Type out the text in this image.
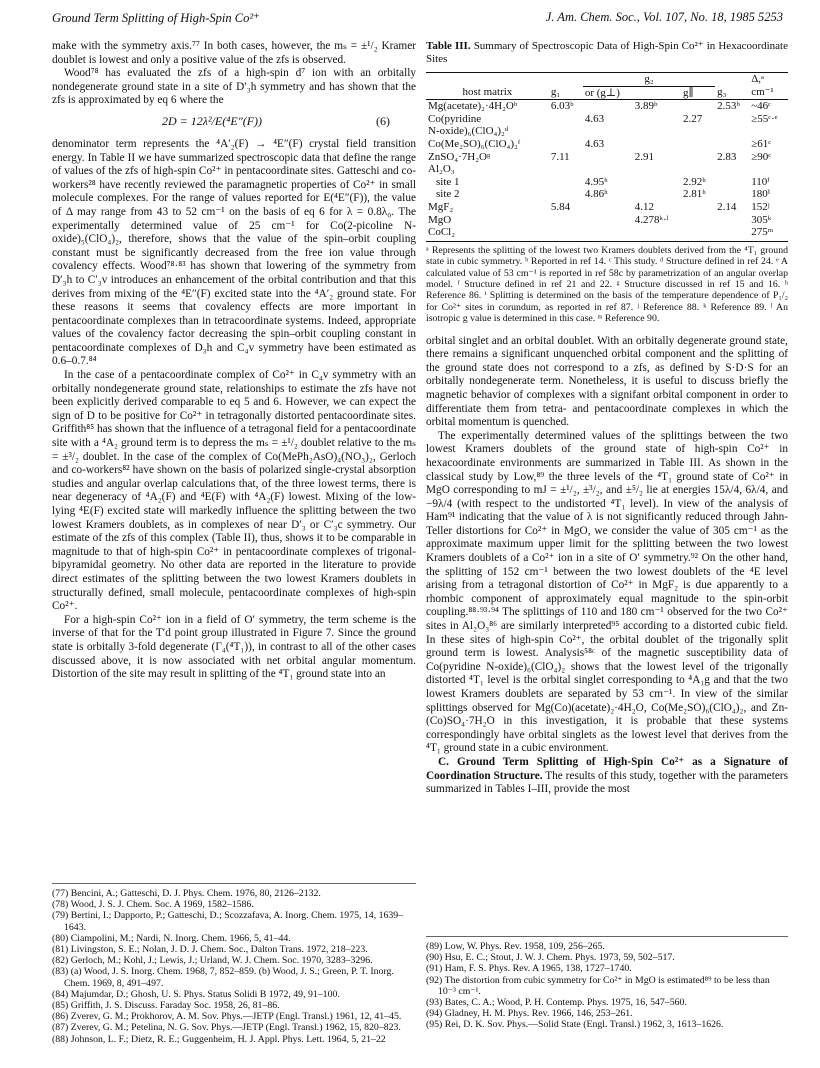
Ground Term Splitting of High-Spin Co²⁺	J. Am. Chem. Soc., Vol. 107, No. 18, 1985 5253

make with the symmetry axis.⁷⁷ In both cases, however, the mₛ = ±¹/₂ Kramer doublet is lowest and only a positive value of the zfs is observed.

Wood⁷⁸ has evaluated the zfs of a high-spin d⁷ ion with an orbitally nondegenerate ground state in a site of D′₃h symmetry and has shown that the zfs is approximated by eq 6 where the

2D = 12λ²/E(⁴E″(F))	(6)

denominator term represents the ⁴A′₂(F) → ⁴E″(F) crystal field transition energy. In Table II we have summarized spectroscopic data that define the range of values of the zfs of high-spin Co²⁺ in pentacoordinate sites. Gatteschi and co-workers²⁸ have recently reviewed the paramagnetic properties of Co²⁺ in small molecule complexes. For the range of values reported for E(⁴E″(F)), the value of Δ may range from 43 to 52 cm⁻¹ on the basis of eq 6 for λ = 0.8λ₀. The experimentally determined value of 25 cm⁻¹ for Co(2-picoline N-oxide)₅(ClO₄)₂, therefore, shows that the value of the spin–orbit coupling constant must be significantly decreased from the free ion value through covalency effects. Wood⁷⁸·⁸³ has shown that lowering of the symmetry from D′₃h to C′₃v introduces an enhancement of the orbital contribution and that this derives from mixing of the ⁴E″(F) excited state into the ⁴A′₂ ground state. For these reasons it seems that covalency effects are more important in pentacoordinate complexes than in tetracoordinate systems. Indeed, appropriate values of the covalency factor decreasing the spin–orbit coupling constant in pentacoordinate complexes of D₃h and C₄v symmetry have been estimated as 0.6–0.7.⁸⁴

In the case of a pentacoordinate complex of Co²⁺ in C₄v symmetry with an orbitally nondegenerate ground state, relationships to estimate the zfs have not been explicitly derived comparable to eq 5 and 6. However, we can expect the sign of D to be positive for Co²⁺ in tetragonally distorted pentacoordinate sites. Griffith⁸⁵ has shown that the influence of a tetragonal field for a pentacoordinate site with a ⁴A₂ ground term is to depress the mₛ = ±¹/₂ doublet relative to the mₛ = ±³/₂ doublet. In the case of the complex of Co(MePh₂AsO)₄(NO₃)₂, Gerloch and co-workers⁸² have shown on the basis of polarized single-crystal absorption studies and angular overlap calculations that, of the three lowest terms, there is near degeneracy of ⁴A₂(F) and ⁴E(F) with ⁴A₂(F) lowest. Mixing of the low-lying ⁴E(F) excited state will markedly influence the splitting between the two lowest Kramers doublets, as in complexes of near D′₃ or C′₃c symmetry. Our estimate of the zfs of this complex (Table II), thus, shows it to be comparable in magnitude to that of high-spin Co²⁺ in pentacoordinate complexes of trigonal-bipyramidal geometry. No other data are reported in the literature to provide direct estimates of the splitting between the two lowest Kramers doublets in structurally defined, small molecule, pentacoordinate complexes of high-spin Co²⁺.

For a high-spin Co²⁺ ion in a field of O′ symmetry, the term scheme is the inverse of that for the T′d point group illustrated in Figure 7. Since the ground state is orbitally 3-fold degenerate (Γ₄(⁴T₁)), in contrast to all of the other cases discussed above, it is now associated with net orbital angular momentum. Distortion of the site may result in splitting of the ⁴T₁ ground state into an

(77) Bencini, A.; Gatteschi, D. J. Phys. Chem. 1976, 80, 2126–2132.
(78) Wood, J. S. J. Chem. Soc. A 1969, 1582–1586.
(79) Bertini, I.; Dapporto, P.; Gatteschi, D.; Scozzafava, A. Inorg. Chem. 1975, 14, 1639–1643.
(80) Ciampolini, M.; Nardi, N. Inorg. Chem. 1966, 5, 41–44.
(81) Livingston, S. E.; Nolan, J. D. J. Chem. Soc., Dalton Trans. 1972, 218–223.
(82) Gerloch, M.; Kohl, J.; Lewis, J.; Urland, W. J. Chem. Soc. 1970, 3283–3296.
(83) (a) Wood, J. S. Inorg. Chem. 1968, 7, 852–859. (b) Wood, J. S.; Green, P. T. Inorg. Chem. 1969, 8, 491–497.
(84) Majumdar, D.; Ghosh, U. S. Phys. Status Solidi B 1972, 49, 91–100.
(85) Griffith, J. S. Discuss. Faraday Soc. 1958, 26, 81–86.
(86) Zverev, G. M.; Prokhorov, A. M. Sov. Phys.—JETP (Engl. Transl.) 1961, 12, 41–45.
(87) Zverev, G. M.; Petelina, N. G. Sov. Phys.—JETP (Engl. Transl.) 1962, 15, 820–823.
(88) Johnson, L. F.; Dietz, R. E.; Guggenheim, H. J. Appl. Phys. Lett. 1964, 5, 21–22
Table III. Summary of Spectroscopic Data of High-Spin Co²⁺ in Hexacoordinate Sites
		g₂				Δ,ᵃ
host matrix	g₁	or (g⊥)		g∥	g₃	cm⁻¹
Mg(acetate)₂·4H₂Oᵇ	6.03ᵇ		3.89ᵇ		2.53ᵇ	~46ᶜ
Co(pyridine		4.63		2.27		≥55ᶜ·ᵉ
N-oxide)₆(ClO₄)₂ᵈ						
Co(Me₂SO)₆(ClO₄)₂ᶠ		4.63				≥61ᶜ
ZnSO₄·7H₂Oᵍ	7.11		2.91		2.83	≥90ᶜ
Al₂O₃						
site 1		4.95ʰ		2.92ʰ		110ⁱ
site 2		4.86ʰ		2.81ʰ		180ⁱ
MgF₂	5.84		4.12		2.14	152ʲ
MgO			4.278ᵏ·ˡ			305ᵏ
CoCl₂						275ᵐ
ᵃ Represents the splitting of the lowest two Kramers doublets derived from the ⁴T₁ ground state in cubic symmetry. ᵇ Reported in ref 14. ᶜ This study. ᵈ Structure defined in ref 24. ᵉ A calculated value of 53 cm⁻¹ is reported in ref 58c by parametrization of an angular overlap model. ᶠ Structure defined in ref 21 and 22. ᵍ Structure discussed in ref 15 and 16. ʰ Reference 86. ⁱ Splitting is determined on the basis of the temperature dependence of P₁/₂ for Co²⁺ sites in corundum, as reported in ref 87. ʲ Reference 88. ᵏ Reference 89. ˡ An isotropic g value is determined in this case. ᵐ Reference 90.

orbital singlet and an orbital doublet. With an orbitally degenerate ground state, there remains a significant unquenched orbital component and the splitting of the ground state does not correspond to a zfs, as defined by S·D·S for an orbitally nondegenerate term. Nonetheless, it is useful to discuss briefly the magnetic behavior of complexes with a signifant orbital component in order to differentiate them from tetra- and pentacoordinate complexes in which the orbital momentum is quenched.

The experimentally determined values of the splittings between the two lowest Kramers doublets of the ground state of high-spin Co²⁺ in hexacoordinate environments are summarized in Table III. As shown in the classical study by Low,⁸⁹ the three levels of the ⁴T₁ ground state of Co²⁺ in MgO corresponding to mJ = ±¹/₂, ±³/₂, and ±⁵/₂ lie at energies 15λ/4, 6λ/4, and −9λ/4 (with respect to the undistorted ⁴T₁ level). In view of the analysis of Ham⁹¹ indicating that the value of λ is not significantly reduced through Jahn-Teller distortions for Co²⁺ in MgO, we consider the value of 305 cm⁻¹ as the approximate maximum upper limit for the splitting between the two lowest Kramers doublets of a Co²⁺ ion in a site of O′ symmetry.⁹² On the other hand, the splitting of 152 cm⁻¹ between the two lowest doublets of the ⁴E level arising from a tetragonal distortion of Co²⁺ in MgF₂ is due apparently to a rhombic component of approximately equal magnitude to the spin-orbit coupling.⁸⁸·⁹³·⁹⁴ The splittings of 110 and 180 cm⁻¹ observed for the two Co²⁺ sites in Al₂O₃⁸⁶ are similarly interpreted⁹⁵ according to a distorted cubic field. In these sites of high-spin Co²⁺, the orbital doublet of the trigonally split ground term is lowest. Analysis⁵⁸ᶜ of the magnetic susceptibility data of Co(pyridine N-oxide)₆(ClO₄)₂ shows that the lowest level of the trigonally distorted ⁴T₁ level is the orbital singlet corresponding to ⁴A₁g and that the two lowest Kramers doublets are separated by 53 cm⁻¹. In view of the similar splittings observed for Mg(Co)(acetate)₂·4H₂O, Co(Me₂SO)₆(ClO₄)₂, and Zn-(Co)SO₄·7H₂O in this investigation, it is probable that these systems correspondingly have orbital singlets as the lowest level that derives from the ⁴T₁ ground state in a cubic environment.

C. Ground Term Splitting of High-Spin Co²⁺ as a Signature of Coordination Structure. The results of this study, together with the parameters summarized in Tables I–III, provide the most

(89) Low, W. Phys. Rev. 1958, 109, 256–265.
(90) Hsu, E. C.; Stout, J. W. J. Chem. Phys. 1973, 59, 502–517.
(91) Ham, F. S. Phys. Rev. A 1965, 138, 1727–1740.
(92) The distortion from cubic symmetry for Co²⁺ in MgO is estimated⁸⁹ to be less than 10⁻³ cm⁻¹.
(93) Bates, C. A.; Wood, P. H. Contemp. Phys. 1975, 16, 547–560.
(94) Gladney, H. M. Phys. Rev. 1966, 146, 253–261.
(95) Rei, D. K. Sov. Phys.—Solid State (Engl. Transl.) 1962, 3, 1613–1626.
